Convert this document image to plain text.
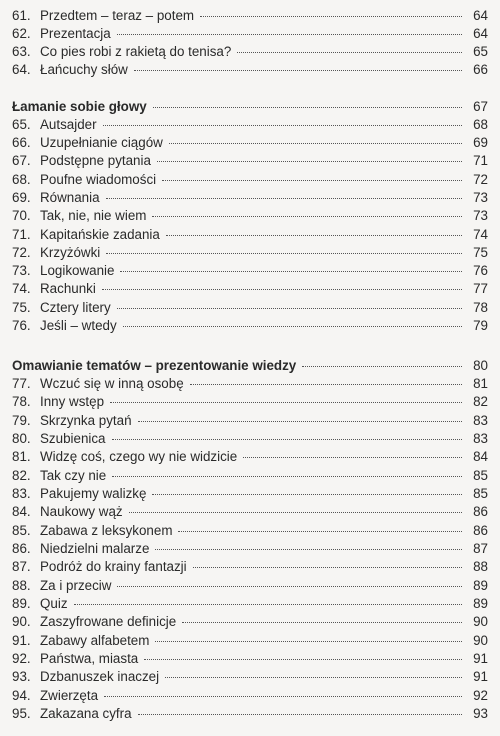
61. Przedtem – teraz – potem	64
62. Prezentacja	64
63. Co pies robi z rakietą do tenisa?	65
64. Łańcuchy słów	66
Łamanie sobie głowy	67
65. Autsajder	68
66. Uzupełnianie ciągów	69
67. Podstępne pytania	71
68. Poufne wiadomości	72
69. Równania	73
70. Tak, nie, nie wiem	73
71. Kapitańskie zadania	74
72. Krzyżówki	75
73. Logikowanie	76
74. Rachunki	77
75. Cztery litery	78
76. Jeśli – wtedy	79
Omawianie tematów – prezentowanie wiedzy	80
77. Wczuć się w inną osobę	81
78. Inny wstęp	82
79. Skrzynka pytań	83
80. Szubienica	83
81. Widzę coś, czego wy nie widzicie	84
82. Tak czy nie	85
83. Pakujemy walizkę	85
84. Naukowy wąż	86
85. Zabawa z leksykonem	86
86. Niedzielni malarze	87
87. Podróż do krainy fantazji	88
88. Za i przeciw	89
89. Quiz	89
90. Zaszyfrowane definicje	90
91. Zabawy alfabetem	90
92. Państwa, miasta	91
93. Dzbanuszek inaczej	91
94. Zwierzęta	92
95. Zakazana cyfra	93
